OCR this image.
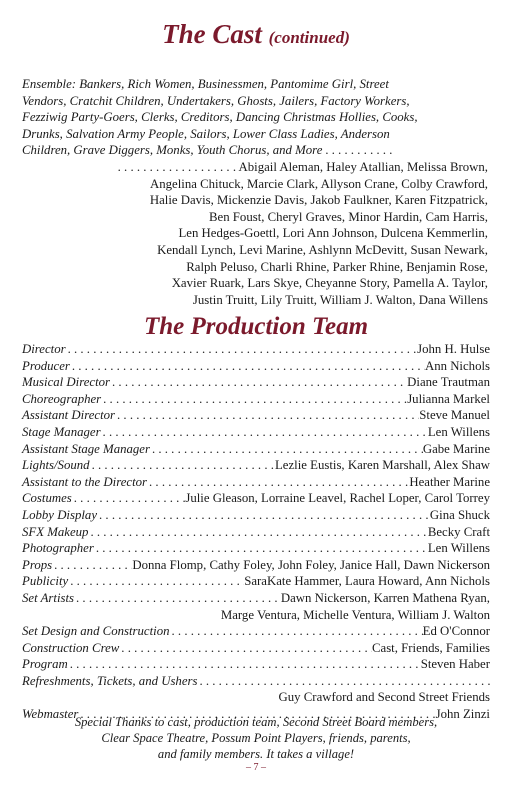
The Cast (continued)
Ensemble: Bankers, Rich Women, Businessmen, Pantomime Girl, Street
Vendors, Cratchit Children, Undertakers, Ghosts, Jailers, Factory Workers,
Fezziwig Party-Goers, Clerks, Creditors, Dancing Christmas Hollies, Cooks,
Drunks, Salvation Army People, Sailors, Lower Class Ladies, Anderson
Children, Grave Diggers, Monks, Youth Chorus, and More . . . . . . . . . . .
. . . . . . . . . . . . . . . . . . . Abigail Aleman, Haley Atallian, Melissa Brown,
Angelina Chituck, Marcie Clark, Allyson Crane, Colby Crawford,
Halie Davis, Mickenzie Davis, Jakob Faulkner, Karen Fitzpatrick,
Ben Foust, Cheryl Graves, Minor Hardin, Cam Harris,
Len Hedges-Goettl, Lori Ann Johnson, Dulcena Kemmerlin,
Kendall Lynch, Levi Marine, Ashlynn McDevitt, Susan Newark,
Ralph Peluso, Charli Rhine, Parker Rhine, Benjamin Rose,
Xavier Ruark, Lars Skye, Cheyanne Story, Pamella A. Taylor,
Justin Truitt, Lily Truitt, William J. Walton, Dana Willens
The Production Team
Director . . .	John H. Hulse
Producer . . .	Ann Nichols
Musical Director . . .	Diane Trautman
Choreographer . . .	Julianna Markel
Assistant Director . . .	Steve Manuel
Stage Manager . . .	Len Willens
Assistant Stage Manager . . .	Gabe Marine
Lights/Sound . . .	Lezlie Eustis, Karen Marshall, Alex Shaw
Assistant to the Director . . .	Heather Marine
Costumes . . .	Julie Gleason, Lorraine Leavel, Rachel Loper, Carol Torrey
Lobby Display . . .	Gina Shuck
SFX Makeup . . .	Becky Craft
Photographer . . .	Len Willens
Props . . .	Donna Flomp, Cathy Foley, John Foley, Janice Hall, Dawn Nickerson
Publicity . . .	SaraKate Hammer, Laura Howard, Ann Nichols
Set Artists . . .	Dawn Nickerson, Karren Mathena Ryan,
Marge Ventura, Michelle Ventura, William J. Walton
Set Design and Construction . . .	Ed O'Connor
Construction Crew . . .	Cast, Friends, Families
Program . . .	Steven Haber
Refreshments, Tickets, and Ushers
. . .
Guy Crawford and Second Street Friends
Webmaster . . .	John Zinzi
Special Thanks to cast, production team, Second Street Board members,
Clear Space Theatre, Possum Point Players, friends, parents,
and family members. It takes a village!
– 7 –
